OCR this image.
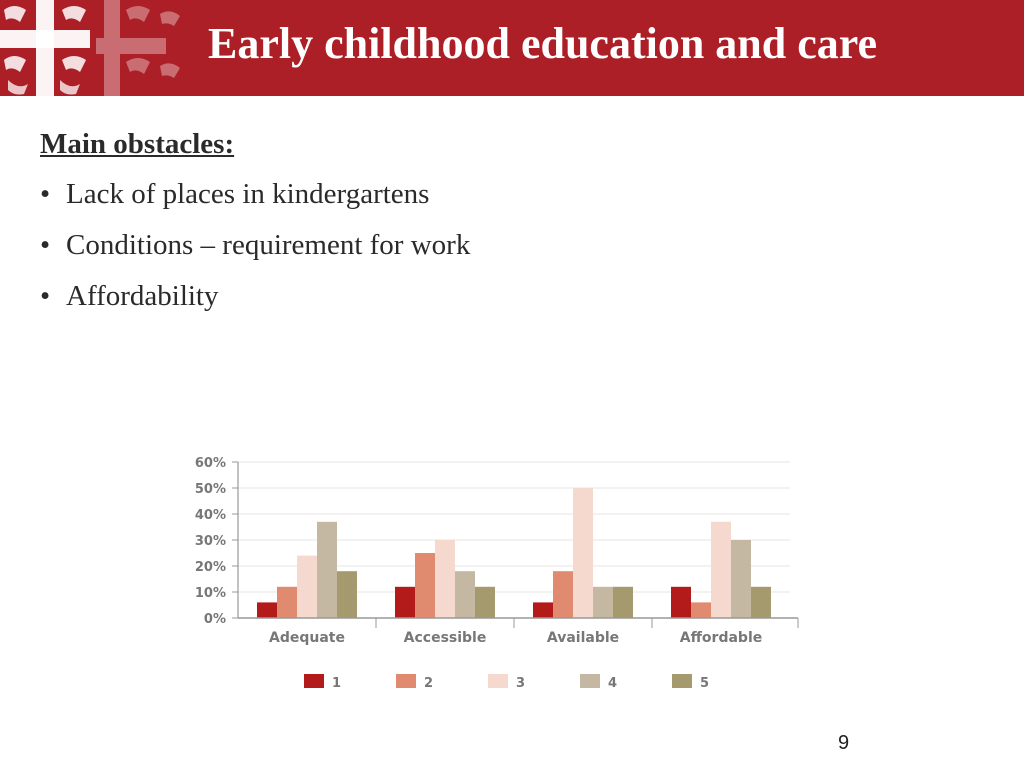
Early childhood education and care
Main obstacles:
• Lack of places in kindergartens
• Conditions – requirement for work
• Affordability
0%
10%
20%
30%
40%
50%
60%
Adequate	Accessible	Available	Affordable
1	2	3	4	5
9
